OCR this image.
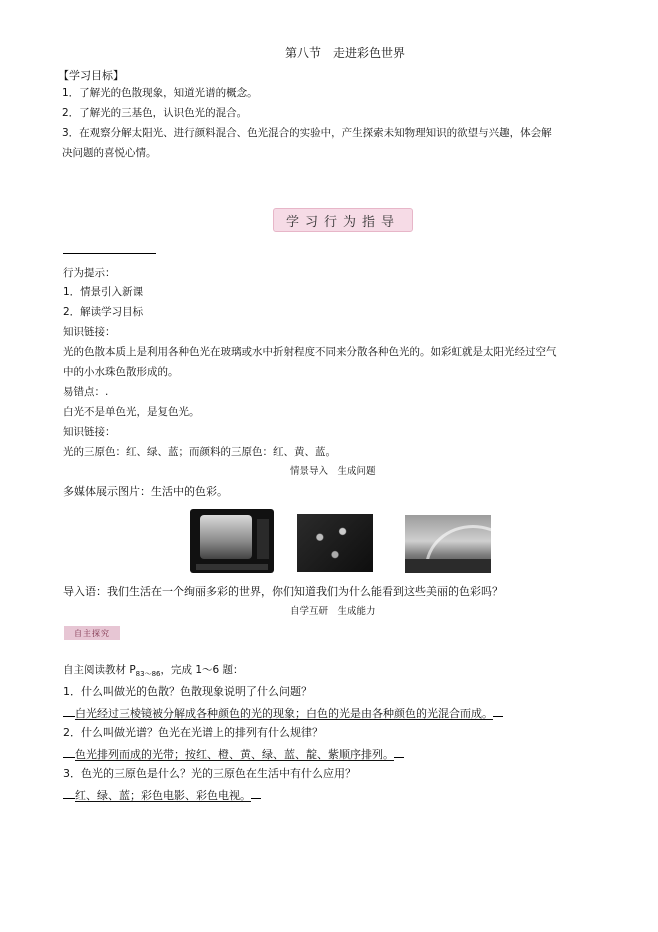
第八节　走进彩色世界
【学习目标】
1．了解光的色散现象，知道光谱的概念。
2．了解光的三基色，认识色光的混合。
3．在观察分解太阳光、进行颜料混合、色光混合的实验中，产生探索未知物理知识的欲望与兴趣，体会解
决问题的喜悦心情。
学习行为指导
行为提示：
1．情景引入新课
2．解读学习目标
知识链接：
光的色散本质上是利用各种色光在玻璃或水中折射程度不同来分散各种色光的。如彩虹就是太阳光经过空气
中的小水珠色散形成的。
易错点：.
白光不是单色光，是复色光。
知识链接：
光的三原色：红、绿、蓝；而颜料的三原色：红、黄、蓝。
情景导入　生成问题
多媒体展示图片：生活中的色彩。
导入语：我们生活在一个绚丽多彩的世界，你们知道我们为什么能看到这些美丽的色彩吗？
自学互研　生成能力
自主探究
自主阅读教材 $P_{83\sim 86}$，完成 1～6 题：
1．什么叫做光的色散？色散现象说明了什么问题？
白光经过三棱镜被分解成各种颜色的光的现象；白色的光是由各种颜色的光混合而成。
2．什么叫做光谱？色光在光谱上的排列有什么规律？
色光排列而成的光带；按红、橙、黄、绿、蓝、靛、紫顺序排列。
3．色光的三原色是什么？光的三原色在生活中有什么应用？
红、绿、蓝；彩色电影、彩色电视。
